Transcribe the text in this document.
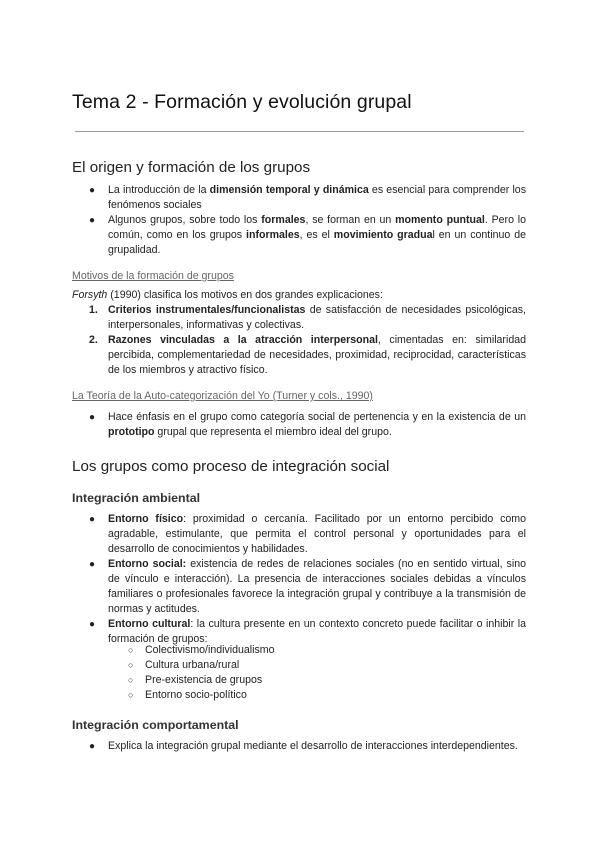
Tema 2 - Formación y evolución grupal
El origen y formación de los grupos
● La introducción de la dimensión temporal y dinámica es esencial para comprender los fenómenos sociales

● Algunos grupos, sobre todo los formales, se forman en un momento puntual. Pero lo común, como en los grupos informales, es el movimiento gradual en un continuo de grupalidad.

Motivos de la formación de grupos

Forsyth (1990) clasifica los motivos en dos grandes explicaciones:

1. Criterios instrumentales/funcionalistas de satisfacción de necesidades psicológicas, interpersonales, informativas y colectivas.

2. Razones vinculadas a la atracción interpersonal, cimentadas en: similaridad percibida, complementariedad de necesidades, proximidad, reciprocidad, características de los miembros y atractivo físico.

La Teoría de la Auto-categorización del Yo (Turner y cols., 1990)

● Hace énfasis en el grupo como categoría social de pertenencia y en la existencia de un prototipo grupal que representa el miembro ideal del grupo.

Los grupos como proceso de integración social
Integración ambiental
● Entorno físico: proximidad o cercanía. Facilitado por un entorno percibido como agradable, estimulante, que permita el control personal y oportunidades para el desarrollo de conocimientos y habilidades.

● Entorno social: existencia de redes de relaciones sociales (no en sentido virtual, sino de vínculo e interacción). La presencia de interacciones sociales debidas a vínculos familiares o profesionales favorece la integración grupal y contribuye a la transmisión de normas y actitudes.

● Entorno cultural: la cultura presente en un contexto concreto puede facilitar o inhibir la formación de grupos:

○ Colectivismo/individualismo

○ Cultura urbana/rural

○ Pre-existencia de grupos

○ Entorno socio-político

Integración comportamental
● Explica la integración grupal mediante el desarrollo de interacciones interdependientes.
